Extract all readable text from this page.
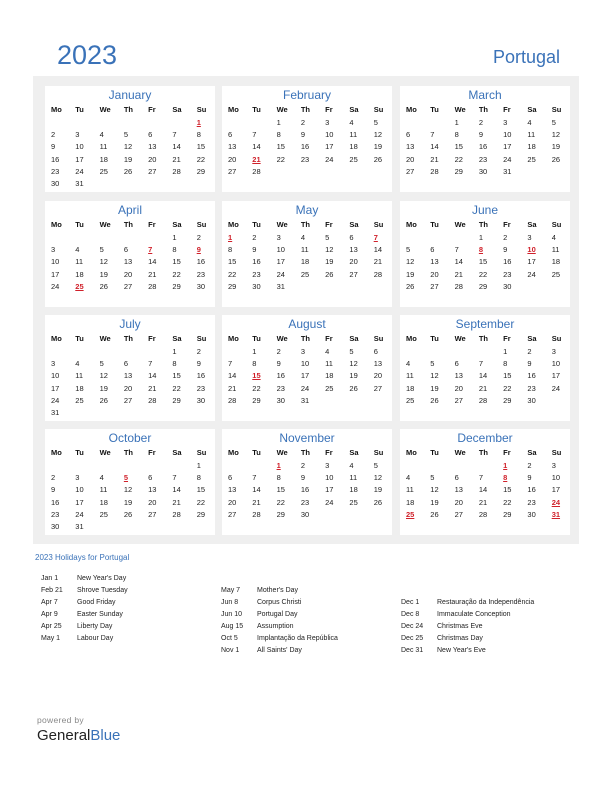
2023	Portugal
January
Mo	Tu	We	Th	Fr	Sa	Su
						1
2	3	4	5	6	7	8
9	10	11	12	13	14	15
16	17	18	19	20	21	22
23	24	25	26	27	28	29
30	31					
February
Mo	Tu	We	Th	Fr	Sa	Su
		1	2	3	4	5
6	7	8	9	10	11	12
13	14	15	16	17	18	19
20	21	22	23	24	25	26
27	28					
March
Mo	Tu	We	Th	Fr	Sa	Su
		1	2	3	4	5
6	7	8	9	10	11	12
13	14	15	16	17	18	19
20	21	22	23	24	25	26
27	28	29	30	31		
April
Mo	Tu	We	Th	Fr	Sa	Su
					1	2
3	4	5	6	7	8	9
10	11	12	13	14	15	16
17	18	19	20	21	22	23
24	25	26	27	28	29	30
May
Mo	Tu	We	Th	Fr	Sa	Su
1	2	3	4	5	6	7
8	9	10	11	12	13	14
15	16	17	18	19	20	21
22	23	24	25	26	27	28
29	30	31				
June
Mo	Tu	We	Th	Fr	Sa	Su
			1	2	3	4
5	6	7	8	9	10	11
12	13	14	15	16	17	18
19	20	21	22	23	24	25
26	27	28	29	30		
July
Mo	Tu	We	Th	Fr	Sa	Su
					1	2
3	4	5	6	7	8	9
10	11	12	13	14	15	16
17	18	19	20	21	22	23
24	25	26	27	28	29	30
31						
August
Mo	Tu	We	Th	Fr	Sa	Su
	1	2	3	4	5	6
7	8	9	10	11	12	13
14	15	16	17	18	19	20
21	22	23	24	25	26	27
28	29	30	31			
September
Mo	Tu	We	Th	Fr	Sa	Su
				1	2	3
4	5	6	7	8	9	10
11	12	13	14	15	16	17
18	19	20	21	22	23	24
25	26	27	28	29	30	
October
Mo	Tu	We	Th	Fr	Sa	Su
						1
2	3	4	5	6	7	8
9	10	11	12	13	14	15
16	17	18	19	20	21	22
23	24	25	26	27	28	29
30	31					
November
Mo	Tu	We	Th	Fr	Sa	Su
		1	2	3	4	5
6	7	8	9	10	11	12
13	14	15	16	17	18	19
20	21	22	23	24	25	26
27	28	29	30			
December
Mo	Tu	We	Th	Fr	Sa	Su
				1	2	3
4	5	6	7	8	9	10
11	12	13	14	15	16	17
18	19	20	21	22	23	24
25	26	27	28	29	30	31
2023 Holidays for Portugal
Jan 1	New Year's Day
Feb 21	Shrove Tuesday
Apr 7	Good Friday
Apr 9	Easter Sunday
Apr 25	Liberty Day
May 1	Labour Day
May 7	Mother's Day
Jun 8	Corpus Christi
Jun 10	Portugal Day
Aug 15	Assumption
Oct 5	Implantação da República
Nov 1	All Saints' Day
Dec 1	Restauração da Independência
Dec 8	Immaculate Conception
Dec 24	Christmas Eve
Dec 25	Christmas Day
Dec 31	New Year's Eve
powered by
GeneralBlue
